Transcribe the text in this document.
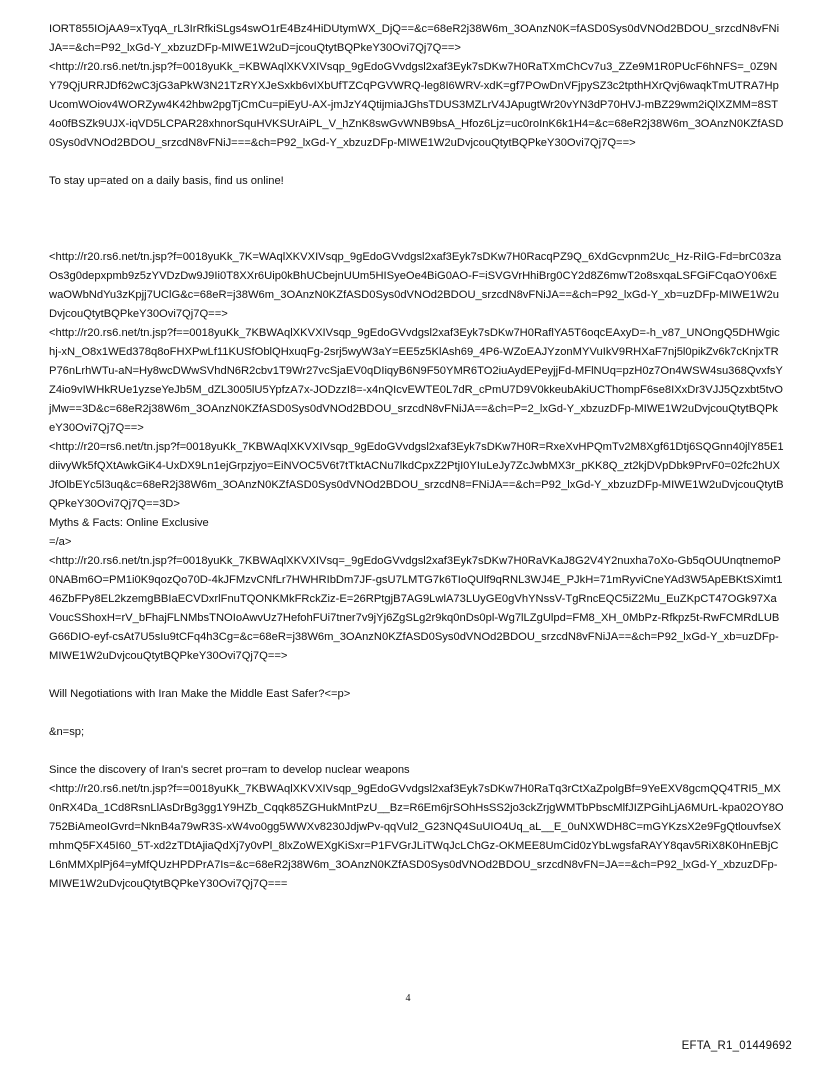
IORT855IOjAA9=xTyqA_rL3IrRfkiSLgs4swO1rE4Bz4HiDUtymWX_DjQ==&c=68eR2j38W6m_3OAnzN0K=fASD0Sys0dVNOd2BDOU_srzcdN8vFNiJA==&ch=P92_lxGd-Y_xbzuzDFp-MIWE1W2uD=jcouQtytBQPkeY30Ovi7Qj7Q==>

<http://r20.rs6.net/tn.jsp?f=0018yuKk_=KBWAqlXKVXIVsqp_9gEdoGVvdgsl2xaf3Eyk7sDKw7H0RaTXmChCv7u3_ZZe9M1R0PUcF6hNFS=_0Z9NY79QjURRJDf62wC3jG3aPkW3N21TzRYXJeSxkb6vIXbUfTZCqPGVWRQ-leg8I6WRV-xdK=gf7POwDnVFjpySZ3c2tpthHXrQvj6waqkTmUTRA7HpUcomWOiov4WORZyw4K42hbw2pgTjCmCu=piEyU-AX-jmJzY4QtijmiaJGhsTDUS3MZLrV4JApugtWr20vYN3dP70HVJ-mBZ29wm2iQlXZMM=8ST4o0fBSZk9UJX-iqVD5LCPAR28xhnorSquHVKSUrAiPL_V_hZnK8swGvWNB9bsA_Hfoz6Ljz=uc0roInK6k1H4=&c=68eR2j38W6m_3OAnzN0KZfASD0Sys0dVNOd2BDOU_srzcdN8vFNiJ===&ch=P92_lxGd-Y_xbzuzDFp-MIWE1W2uDvjcouQtytBQPkeY30Ovi7Qj7Q==>

To stay up=ated on a daily basis, find us online!

<http://r20.rs6.net/tn.jsp?f=0018yuKk_7K=WAqlXKVXIVsqp_9gEdoGVvdgsl2xaf3Eyk7sDKw7H0RacqPZ9Q_6XdGcvpnm2Uc_Hz-RiIG-Fd=brC03zaOs3g0depxpmb9z5zYVDzDw9J9Ii0T8XXr6Uip0kBhUCbejnUUm5HISyeOe4BiG0AO-F=iSVGVrHhiBrg0CY2d8Z6mwT2o8sxqaLSFGiFCqaOY06xEwaOWbNdYu3zKpjj7UClG&c=68eR=j38W6m_3OAnzN0KZfASD0Sys0dVNOd2BDOU_srzcdN8vFNiJA==&ch=P92_lxGd-Y_xb=uzDFp-MIWE1W2uDvjcouQtytBQPkeY30Ovi7Qj7Q==>

<http://r20.rs6.net/tn.jsp?f==0018yuKk_7KBWAqlXKVXIVsqp_9gEdoGVvdgsl2xaf3Eyk7sDKw7H0RaflYA5T6oqcEAxyD=-h_v87_UNOngQ5DHWgichj-xN_O8x1WEd378q8oFHXPwLf11KUSfOblQHxuqFg-2srj5wyW3aY=EE5z5KlAsh69_4P6-WZoEAJYzonMYVuIkV9RHXaF7nj5l0pikZv6k7cKnjxTRP76nLrhWTu-aN=Hy8wcDWwSVhdN6R2cbv1T9Wr27vcSjaEV0qDIiqyB6N9F50YMR6TO2iuAydEPeyjjFd-MFlNUq=pzH0z7On4WSW4su368QvxfsYZ4io9vIWHkRUe1yzseYeJb5M_dZL3005lU5YpfzA7x-JODzzI8=-x4nQIcvEWTE0L7dR_cPmU7D9V0kkeubAkiUCThompF6se8IXxDr3VJJ5Qzxbt5tvOjMw==3D&c=68eR2j38W6m_3OAnzN0KZfASD0Sys0dVNOd2BDOU_srzcdN8vFNiJA==&ch=P=2_lxGd-Y_xbzuzDFp-MIWE1W2uDvjcouQtytBQPkeY30Ovi7Qj7Q==>

<http://r20=rs6.net/tn.jsp?f=0018yuKk_7KBWAqlXKVXIVsqp_9gEdoGVvdgsl2xaf3Eyk7sDKw7H0R=RxeXvHPQmTv2M8Xgf61Dtj6SQGnn40jlY85E1diivyWk5fQXtAwkGiK4-UxDX9Ln1ejGrpzjyo=EiNVOC5V6t7tTktACNu7lkdCpxZ2PtjI0YIuLeJy7ZcJwbMX3r_pKK8Q_zt2kjDVpDbk9PrvF0=02fc2hUXJfOlbEYc5l3uq&c=68eR2j38W6m_3OAnzN0KZfASD0Sys0dVNOd2BDOU_srzcdN8=FNiJA==&ch=P92_lxGd-Y_xbzuzDFp-MIWE1W2uDvjcouQtytBQPkeY30Ovi7Qj7Q==3D>

Myths & Facts: Online Exclusive

=/a>

<http://r20.rs6.net/tn.jsp?f=0018yuKk_7KBWAqlXKVXIVsq=_9gEdoGVvdgsl2xaf3Eyk7sDKw7H0RaVKaJ8G2V4Y2nuxha7oXo-Gb5qOUUnqtnemoP0NABm6O=PM1i0K9qozQo70D-4kJFMzvCNfLr7HWHRIbDm7JF-gsU7LMTG7k6TIoQUlf9qRNL3WJ4E_PJkH=71mRyviCneYAd3W5ApEBKtSXimt146ZbFPy8EL2kzemgBBIaECVDxrlFnuTQONKMkFRckZiz-E=26RPtgjB7AG9LwlA73LUyGE0gVhYNssV-TgRncEQC5iZ2Mu_EuZKpCT47OGk97XaVoucSShoxH=rV_bFhajFLNMbsTNOIoAwvUz7HefohFUi7tner7v9jYj6ZgSLg2r9kq0nDs0pl-Wg7lLZgUlpd=FM8_XH_0MbPz-Rfkpz5t-RwFCMRdLUBG66DIO-eyf-csAt7U5sIu9tCFq4h3Cg=&c=68eR=j38W6m_3OAnzN0KZfASD0Sys0dVNOd2BDOU_srzcdN8vFNiJA==&ch=P92_lxGd-Y_xb=uzDFp-MIWE1W2uDvjcouQtytBQPkeY30Ovi7Qj7Q==>

Will Negotiations with Iran Make the Middle East Safer?<=p>

&n=sp;

Since the discovery of Iran's secret pro=ram to develop nuclear weapons

<http://r20.rs6.net/tn.jsp?f==0018yuKk_7KBWAqlXKVXIVsqp_9gEdoGVvdgsl2xaf3Eyk7sDKw7H0RaTq3rCtXaZpolgBf=9YeEXV8gcmQQ4TRI5_MX0nRX4Da_1Cd8RsnLlAsDrBg3gg1Y9HZb_Cqqk85ZGHukMntPzU__Bz=R6Em6jrSOhHsSS2jo3ckZrjgWMTbPbscMlfJIZPGihLjA6MUrL-kpa02OY8O752BiAmeoIGvrd=NknB4a79wR3S-xW4vo0gg5WWXv8230JdjwPv-qqVul2_G23NQ4SuUIO4Uq_aL__E_0uNXWDH8C=mGYKzsX2e9FgQtlouvfseXmhmQ5FX45I60_5T-xd2zTDtAjiaQdXj7y0vPl_8lxZoWEXgKiSxr=P1FVGrJLiTWqJcLChGz-OKMEE8UmCid0zYbLwgsfaRAYY8qav5RiX8K0HnEBjCL6nMMXplPj64=yMfQUzHPDPrA7Is=&c=68eR2j38W6m_3OAnzN0KZfASD0Sys0dVNOd2BDOU_srzcdN8vFN=JA==&ch=P92_lxGd-Y_xbzuzDFp-MIWE1W2uDvjcouQtytBQPkeY30Ovi7Qj7Q===

4
EFTA_R1_01449692
